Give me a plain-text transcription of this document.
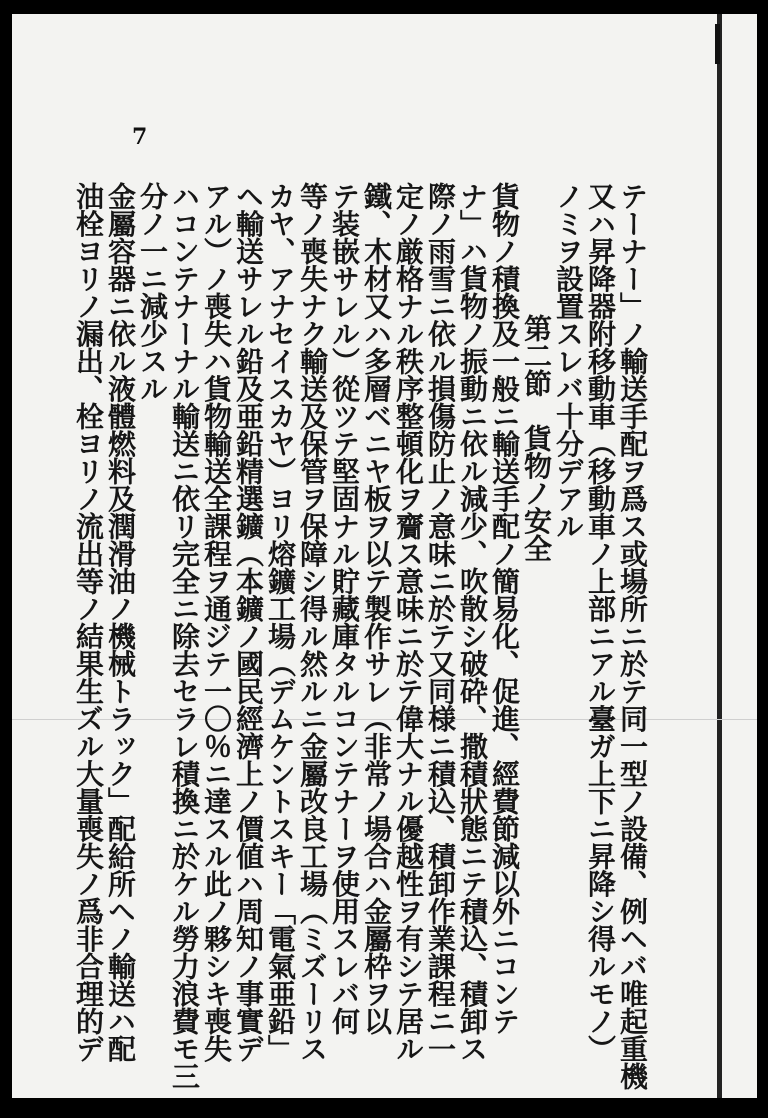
7
テーナー」ノ輸送手配ヲ爲ス或場所ニ於テ同一型ノ設備、例ヘバ唯起重機
又ハ昇降器附移動車（移動車ノ上部ニアル臺ガ上下ニ昇降シ得ルモノ）
ノミヲ設置スレバ十分デアル
第二節　貨物ノ安全
貨物ノ積換及一般ニ輸送手配ノ簡易化、促進、經費節減以外ニコンテ
ナ」ハ貨物ノ振動ニ依ル減少、吹散シ破砕、撒積狀態ニテ積込、積卸ス
際ノ雨雪ニ依ル損傷防止ノ意味ニ於テ又同様ニ積込、積卸作業課程ニ一
定ノ厳格ナル秩序整頓化ヲ齎ス意味ニ於テ偉大ナル優越性ヲ有シテ居ル
鐵、木材又ハ多層ベニヤ板ヲ以テ製作サレ（非常ノ場合ハ金屬枠ヲ以
テ装嵌サレル）從ツテ堅固ナル貯藏庫タルコンテナーヲ使用スレバ何
等ノ喪失ナク輸送及保管ヲ保障シ得ル然ルニ金屬改良工場（ミズーリス
カヤ、アナセイスカヤ）ヨリ熔鑛工場（デムケントスキー「電氣亜鉛」
ヘ輸送サレル鉛及亜鉛精選鑛（本鑛ノ國民經濟上ノ價値ハ周知ノ事實デ
アル）ノ喪失ハ貨物輸送全課程ヲ通ジテ一〇％ニ達スル此ノ夥シキ喪失
ハコンテナーナル輸送ニ依リ完全ニ除去セラレ積換ニ於ケル勞力浪費モ三
分ノ一ニ減少スル
金屬容器ニ依ル液體燃料及潤滑油ノ機械トラック」配給所ヘノ輸送ハ配
油栓ヨリノ漏出、栓ヨリノ流出等ノ結果生ズル大量喪失ノ爲非合理的デ
